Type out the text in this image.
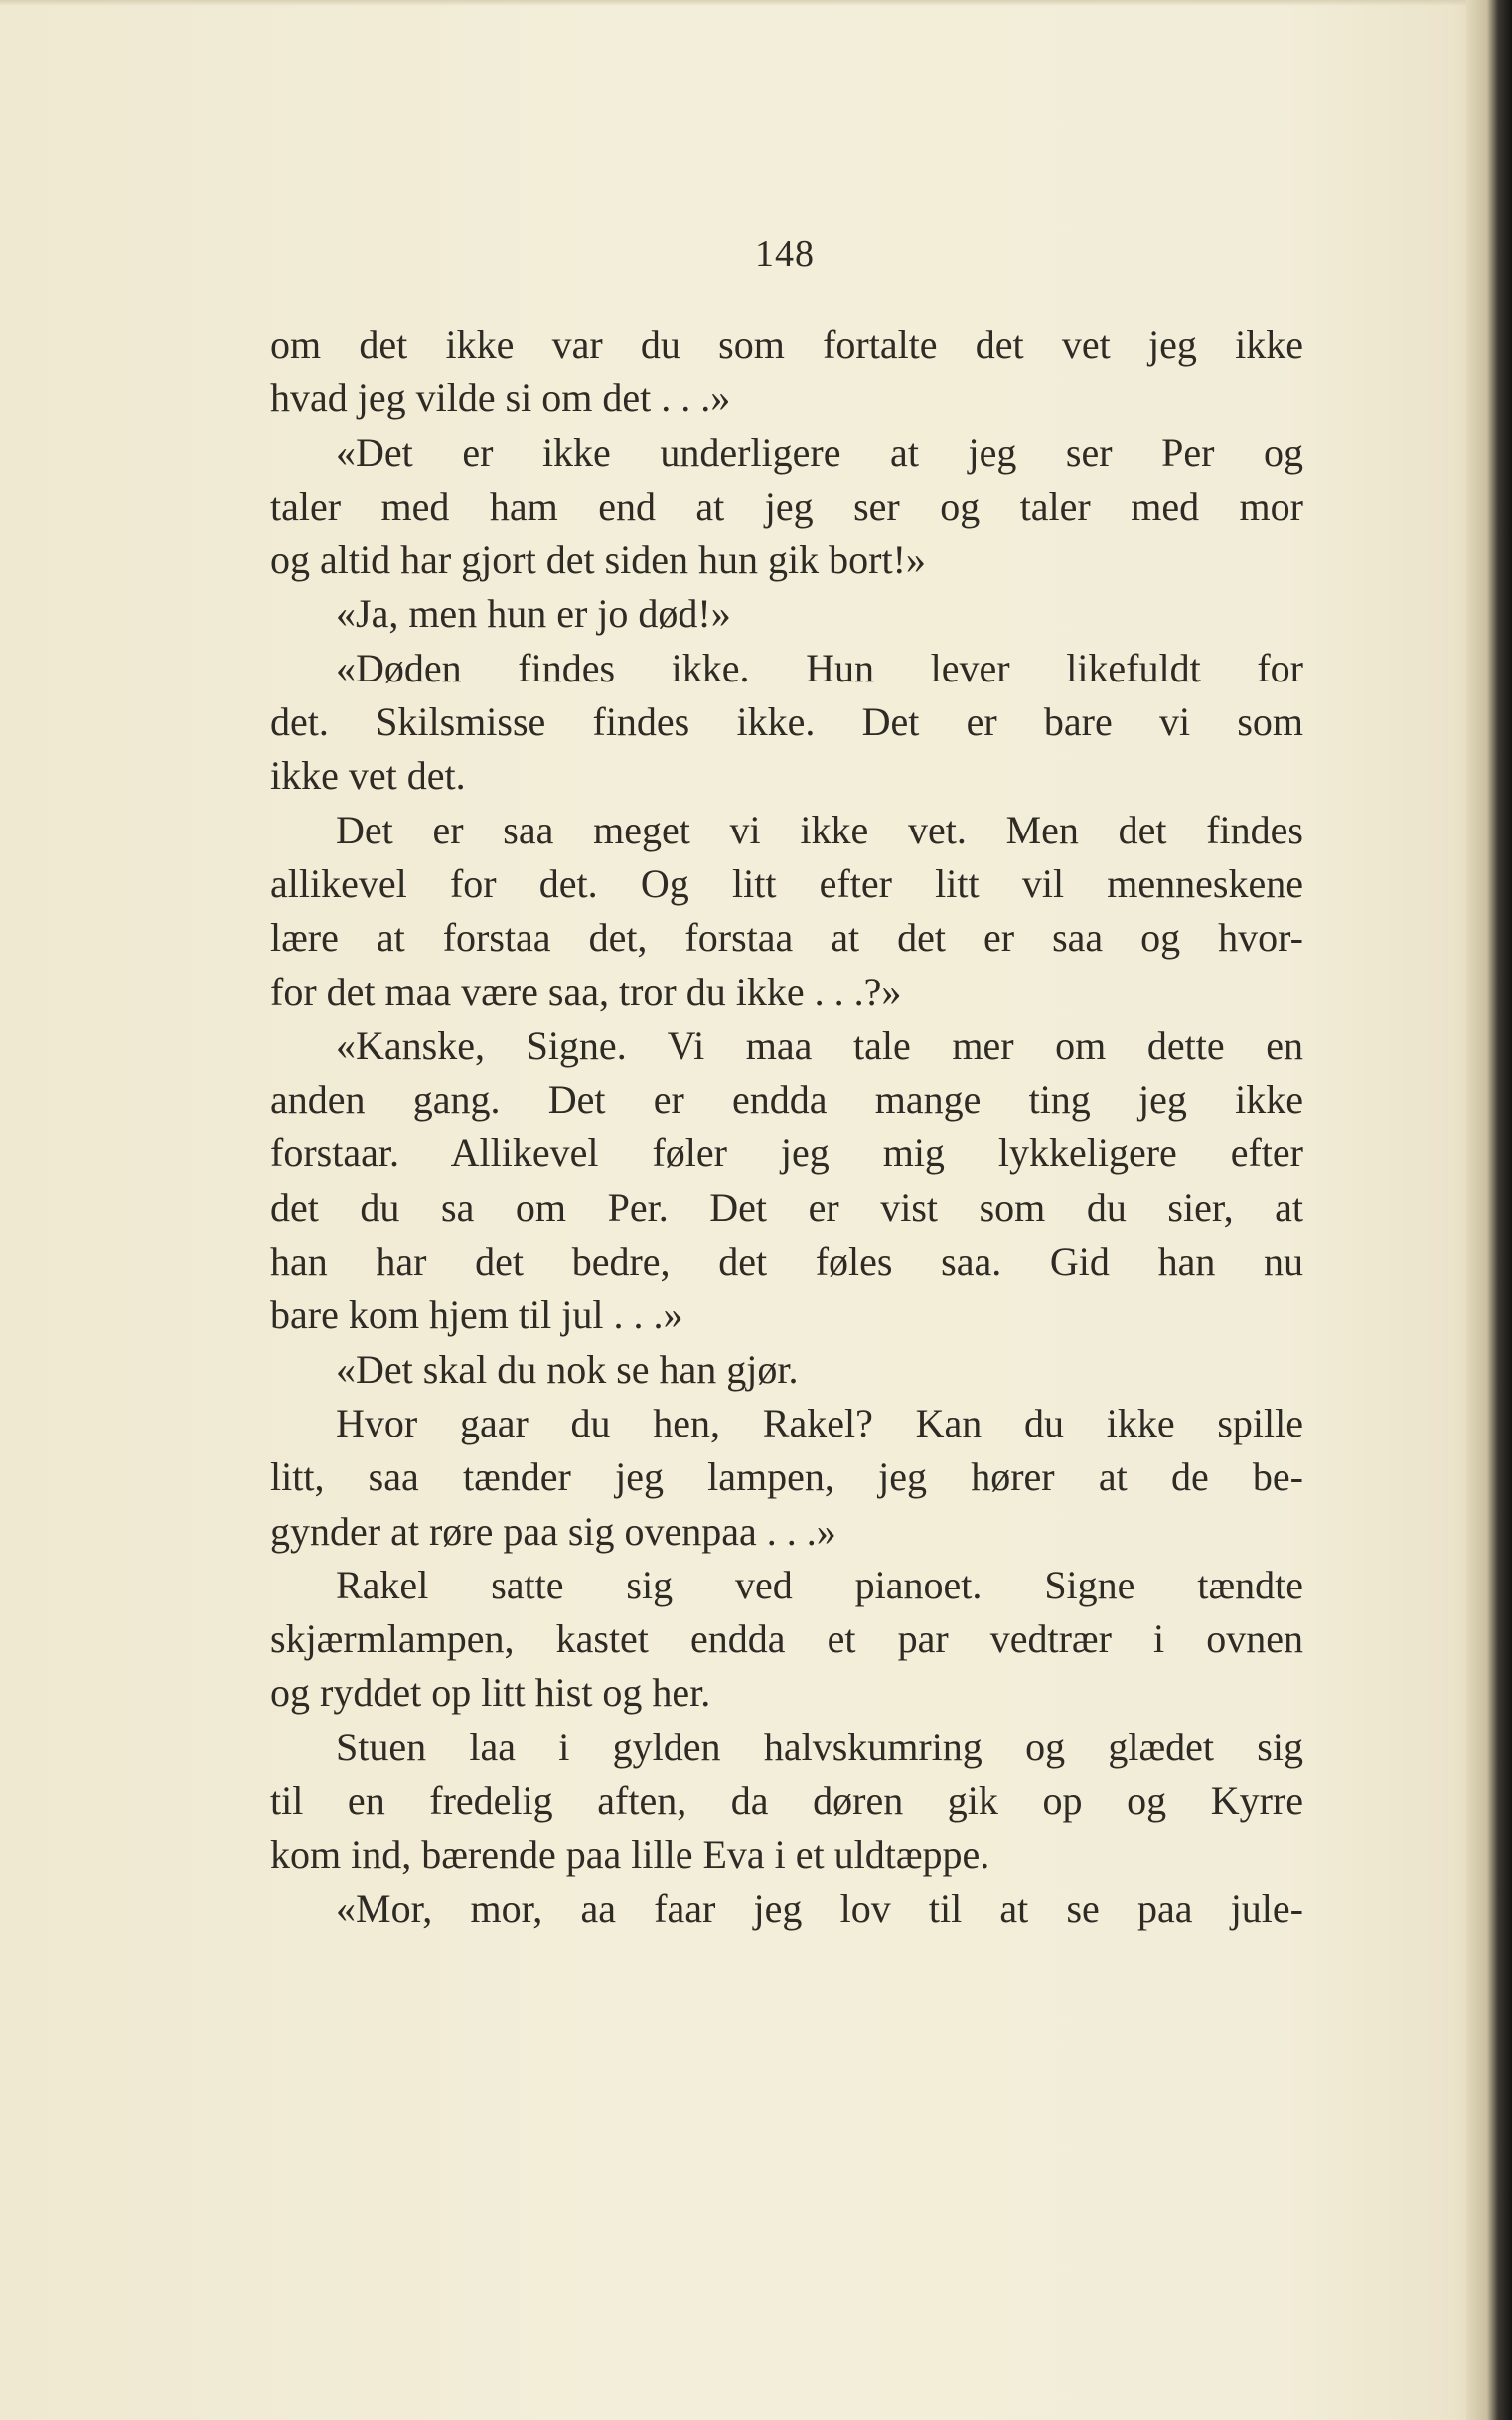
148
om det ikke var du som fortalte det vet jeg ikke
hvad jeg vilde si om det . . .»
«Det er ikke underligere at jeg ser Per og
taler med ham end at jeg ser og taler med mor
og altid har gjort det siden hun gik bort!»
«Ja, men hun er jo død!»
«Døden findes ikke. Hun lever likefuldt for
det. Skilsmisse findes ikke. Det er bare vi som
ikke vet det.
Det er saa meget vi ikke vet. Men det findes
allikevel for det. Og litt efter litt vil menneskene
lære at forstaa det, forstaa at det er saa og hvor-
for det maa være saa, tror du ikke . . .?»
«Kanske, Signe. Vi maa tale mer om dette en
anden gang. Det er endda mange ting jeg ikke
forstaar. Allikevel føler jeg mig lykkeligere efter
det du sa om Per. Det er vist som du sier, at
han har det bedre, det føles saa. Gid han nu
bare kom hjem til jul . . .»
«Det skal du nok se han gjør.
Hvor gaar du hen, Rakel? Kan du ikke spille
litt, saa tænder jeg lampen, jeg hører at de be-
gynder at røre paa sig ovenpaa . . .»
Rakel satte sig ved pianoet. Signe tændte
skjærmlampen, kastet endda et par vedtrær i ovnen
og ryddet op litt hist og her.
Stuen laa i gylden halvskumring og glædet sig
til en fredelig aften, da døren gik op og Kyrre
kom ind, bærende paa lille Eva i et uldtæppe.
«Mor, mor, aa faar jeg lov til at se paa jule-
